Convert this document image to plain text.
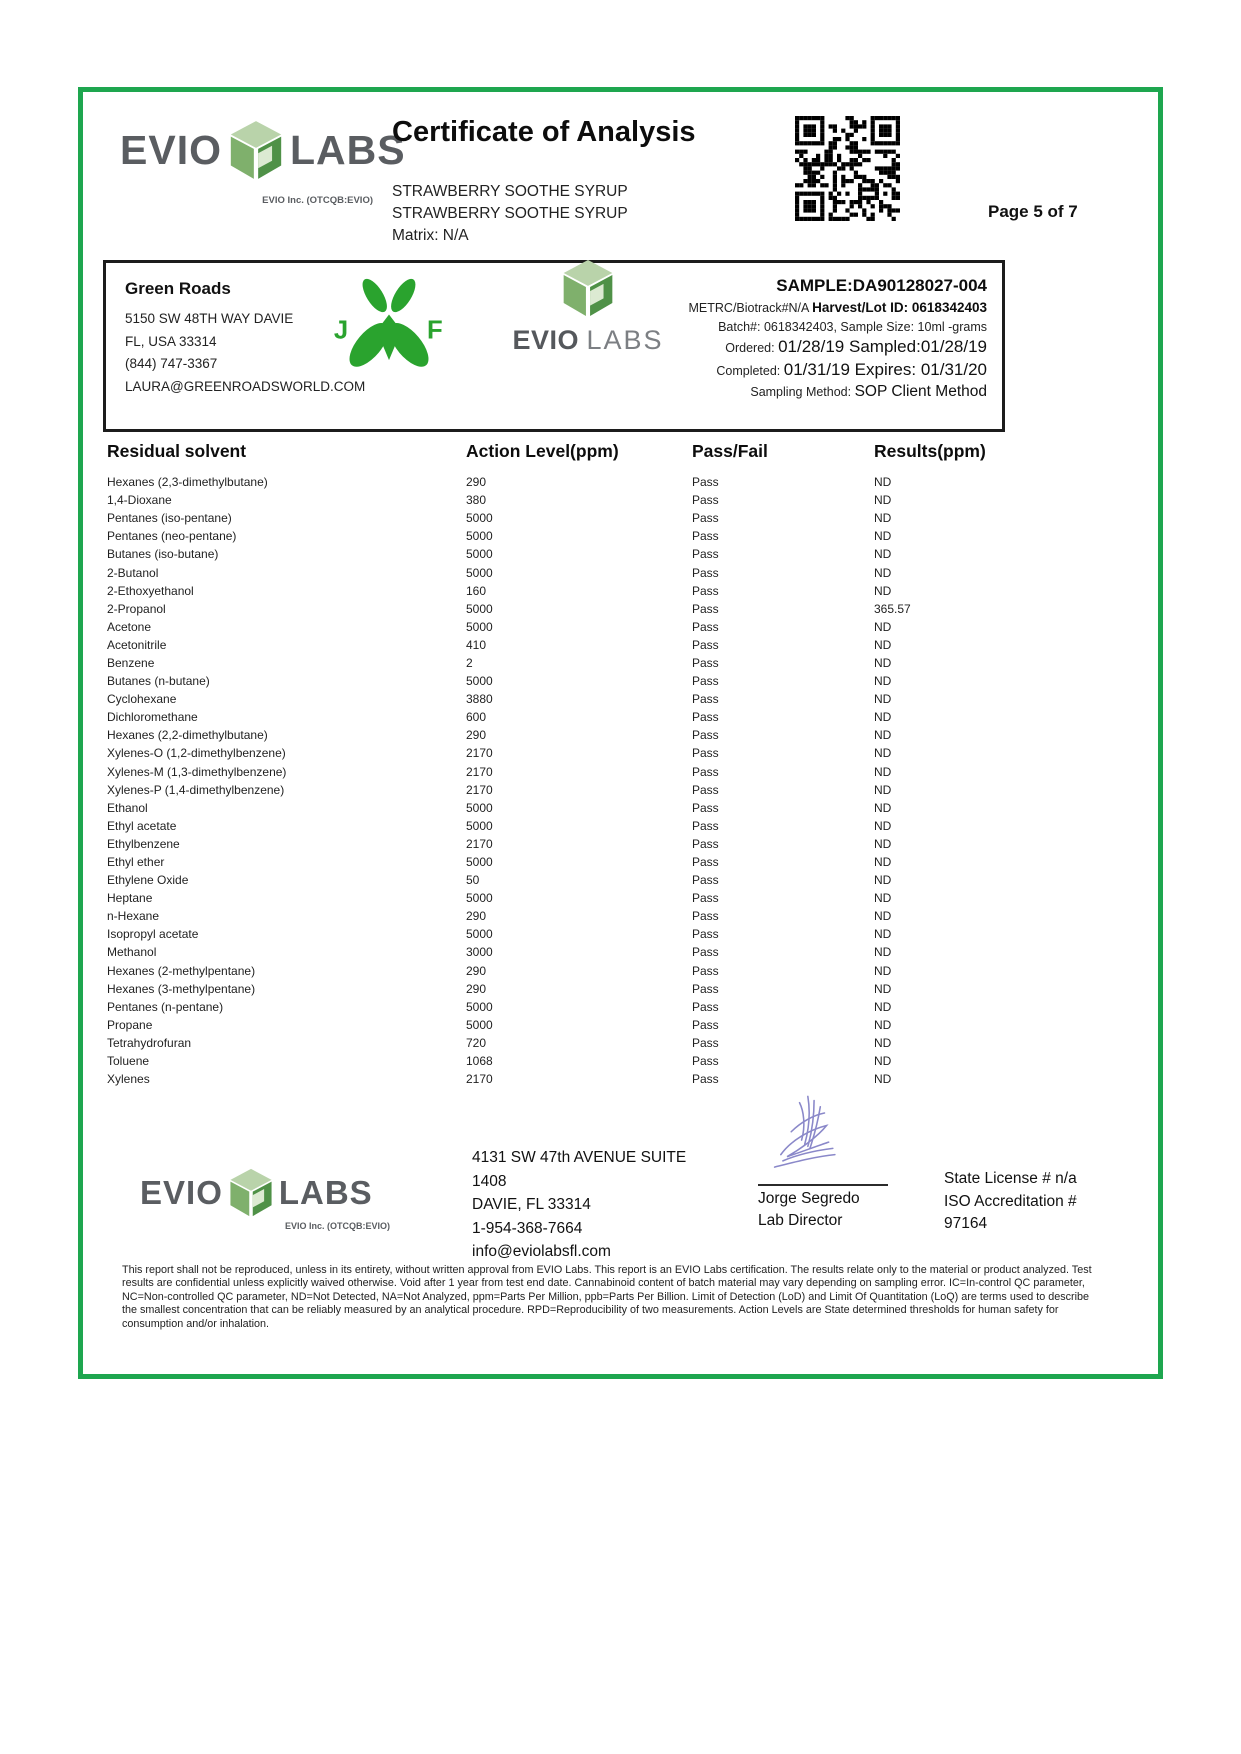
EVIO LABS
EVIO Inc. (OTCQB:EVIO)
Certificate of Analysis
STRAWBERRY SOOTHE SYRUP
STRAWBERRY SOOTHE SYRUP
Matrix: N/A
Page 5 of 7
Green Roads
5150 SW 48TH WAY DAVIE
FL, USA 33314
(844) 747-3367
LAURA@GREENROADSWORLD.COM
J	F	EVIO LABS
SAMPLE:DA90128027-004
METRC/Biotrack#N/A Harvest/Lot ID: 0618342403
Batch#: 0618342403, Sample Size: 10ml -grams
Ordered: 01/28/19 Sampled:01/28/19
Completed: 01/31/19 Expires: 01/31/20
Sampling Method: SOP Client Method
Residual solvent	Action Level(ppm)	Pass/Fail	Results(ppm)
Hexanes (2,3-dimethylbutane)	290	Pass	ND
1,4-Dioxane	380	Pass	ND
Pentanes (iso-pentane)	5000	Pass	ND
Pentanes (neo-pentane)	5000	Pass	ND
Butanes (iso-butane)	5000	Pass	ND
2-Butanol	5000	Pass	ND
2-Ethoxyethanol	160	Pass	ND
2-Propanol	5000	Pass	365.57
Acetone	5000	Pass	ND
Acetonitrile	410	Pass	ND
Benzene	2	Pass	ND
Butanes (n-butane)	5000	Pass	ND
Cyclohexane	3880	Pass	ND
Dichloromethane	600	Pass	ND
Hexanes (2,2-dimethylbutane)	290	Pass	ND
Xylenes-O (1,2-dimethylbenzene)	2170	Pass	ND
Xylenes-M (1,3-dimethylbenzene)	2170	Pass	ND
Xylenes-P (1,4-dimethylbenzene)	2170	Pass	ND
Ethanol	5000	Pass	ND
Ethyl acetate	5000	Pass	ND
Ethylbenzene	2170	Pass	ND
Ethyl ether	5000	Pass	ND
Ethylene Oxide	50	Pass	ND
Heptane	5000	Pass	ND
n-Hexane	290	Pass	ND
Isopropyl acetate	5000	Pass	ND
Methanol	3000	Pass	ND
Hexanes (2-methylpentane)	290	Pass	ND
Hexanes (3-methylpentane)	290	Pass	ND
Pentanes (n-pentane)	5000	Pass	ND
Propane	5000	Pass	ND
Tetrahydrofuran	720	Pass	ND
Toluene	1068	Pass	ND
Xylenes	2170	Pass	ND
EVIO LABS
EVIO Inc. (OTCQB:EVIO)
4131 SW 47th AVENUE SUITE
1408
DAVIE, FL 33314
1-954-368-7664
info@eviolabsfl.com
Jorge Segredo
Lab Director
State License # n/a
ISO Accreditation #
97164

This report shall not be reproduced, unless in its entirety, without written approval from EVIO Labs. This report is an EVIO Labs certification. The results relate only to the material or product analyzed. Test results are confidential unless explicitly waived otherwise. Void after 1 year from test end date. Cannabinoid content of batch material may vary depending on sampling error. IC=In-control QC parameter, NC=Non-controlled QC parameter, ND=Not Detected, NA=Not Analyzed, ppm=Parts Per Million, ppb=Parts Per Billion. Limit of Detection (LoD) and Limit Of Quantitation (LoQ) are terms used to describe the smallest concentration that can be reliably measured by an analytical procedure. RPD=Reproducibility of two measurements. Action Levels are State determined thresholds for human safety for consumption and/or inhalation.
